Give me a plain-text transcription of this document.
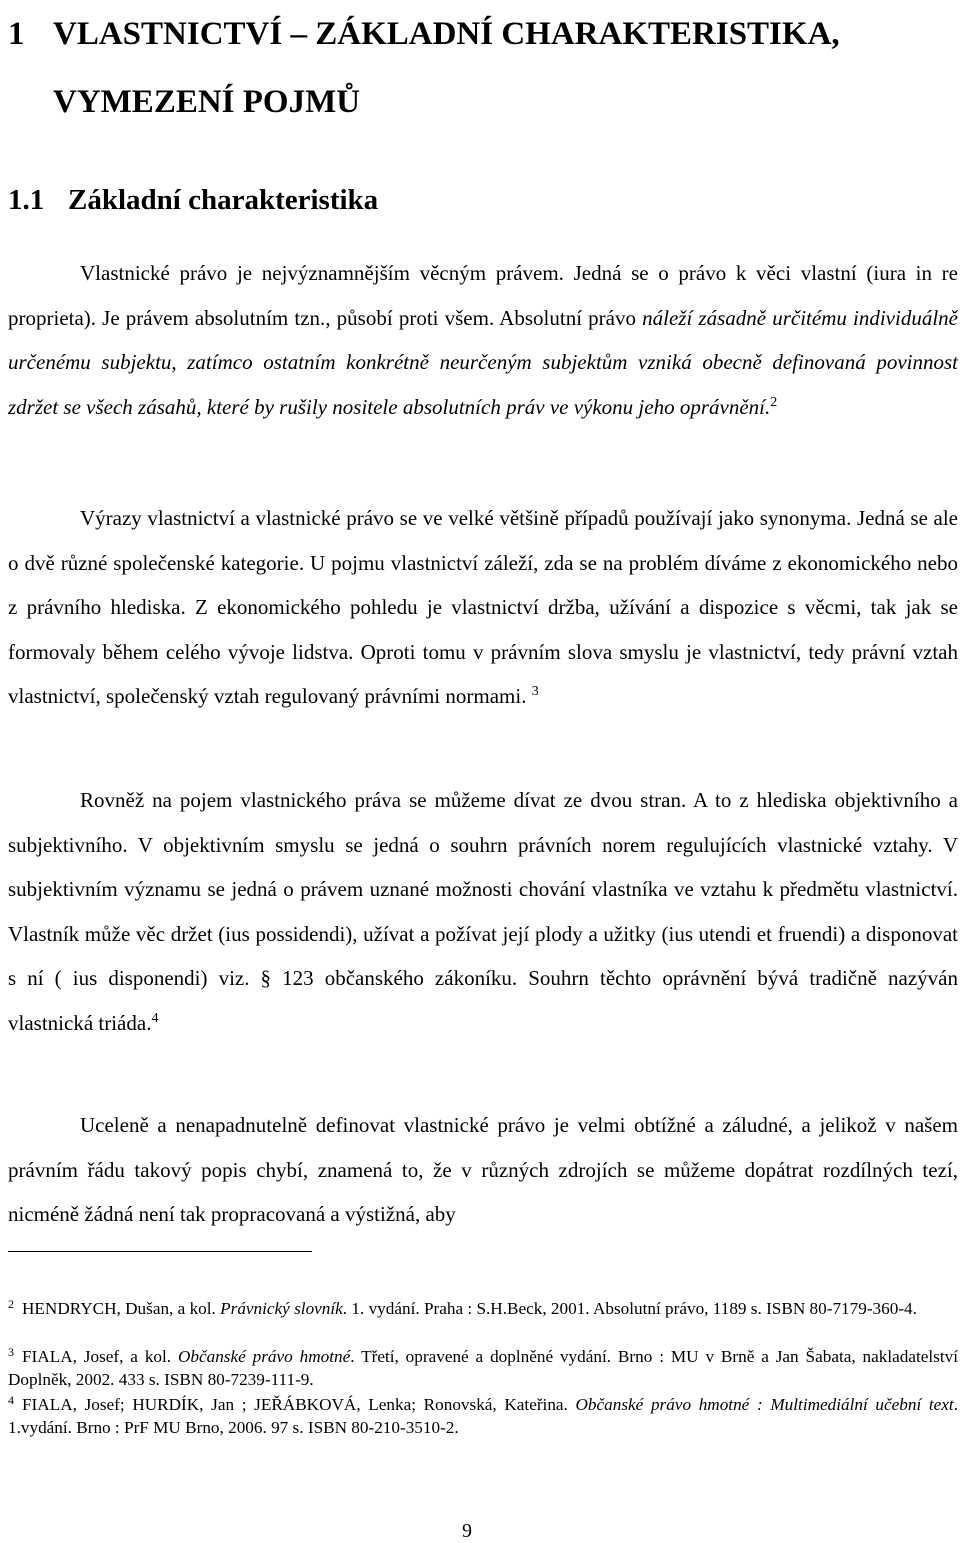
1 VLASTNICTVÍ – ZÁKLADNÍ CHARAKTERISTIKA,
VYMEZENÍ POJMŮ
1.1 Základní charakteristika

Vlastnické právo je nejvýznamnějším věcným právem. Jedná se o právo k věci vlastní (iura in re proprieta). Je právem absolutním tzn., působí proti všem. Absolutní právo náleží zásadně určitému individuálně určenému subjektu, zatímco ostatním konkrétně neurčeným subjektům vzniká obecně definovaná povinnost zdržet se všech zásahů, které by rušily nositele absolutních práv ve výkonu jeho oprávnění.$^2$

Výrazy vlastnictví a vlastnické právo se ve velké většině případů používají jako synonyma. Jedná se ale o dvě různé společenské kategorie. U pojmu vlastnictví záleží, zda se na problém díváme z ekonomického nebo z právního hlediska. Z ekonomického pohledu je vlastnictví držba, užívání a dispozice s věcmi, tak jak se formovaly během celého vývoje lidstva. Oproti tomu v právním slova smyslu je vlastnictví, tedy právní vztah vlastnictví, společenský vztah regulovaný právními normami. $^3$

Rovněž na pojem vlastnického práva se můžeme dívat ze dvou stran. A to z hlediska objektivního a subjektivního. V objektivním smyslu se jedná o souhrn právních norem regulujících vlastnické vztahy. V subjektivním významu se jedná o právem uznané možnosti chování vlastníka ve vztahu k předmětu vlastnictví. Vlastník může věc držet (ius possidendi), užívat a požívat její plody a užitky (ius utendi et fruendi) a disponovat s ní ( ius disponendi) viz. § 123 občanského zákoníku. Souhrn těchto oprávnění bývá tradičně nazýván vlastnická triáda.$^4$

Uceleně a nenapadnutelně definovat vlastnické právo je velmi obtížné a záludné, a jelikož v našem právním řádu takový popis chybí, znamená to, že v různých zdrojích se můžeme dopátrat rozdílných tezí, nicméně žádná není tak propracovaná a výstižná, aby

$^2$ HENDRYCH, Dušan, a kol. Právnický slovník. 1. vydání. Praha : S.H.Beck, 2001. Absolutní právo, 1189 s. ISBN 80-7179-360-4.

$^3$ FIALA, Josef, a kol. Občanské právo hmotné. Třetí, opravené a doplněné vydání. Brno : MU v Brně a Jan Šabata, nakladatelství Doplněk, 2002. 433 s. ISBN 80-7239-111-9.

$^4$ FIALA, Josef; HURDÍK, Jan ; JEŘÁBKOVÁ, Lenka; Ronovská, Kateřina. Občanské právo hmotné : Multimediální učební text. 1.vydání. Brno : PrF MU Brno, 2006. 97 s. ISBN 80-210-3510-2.

9
